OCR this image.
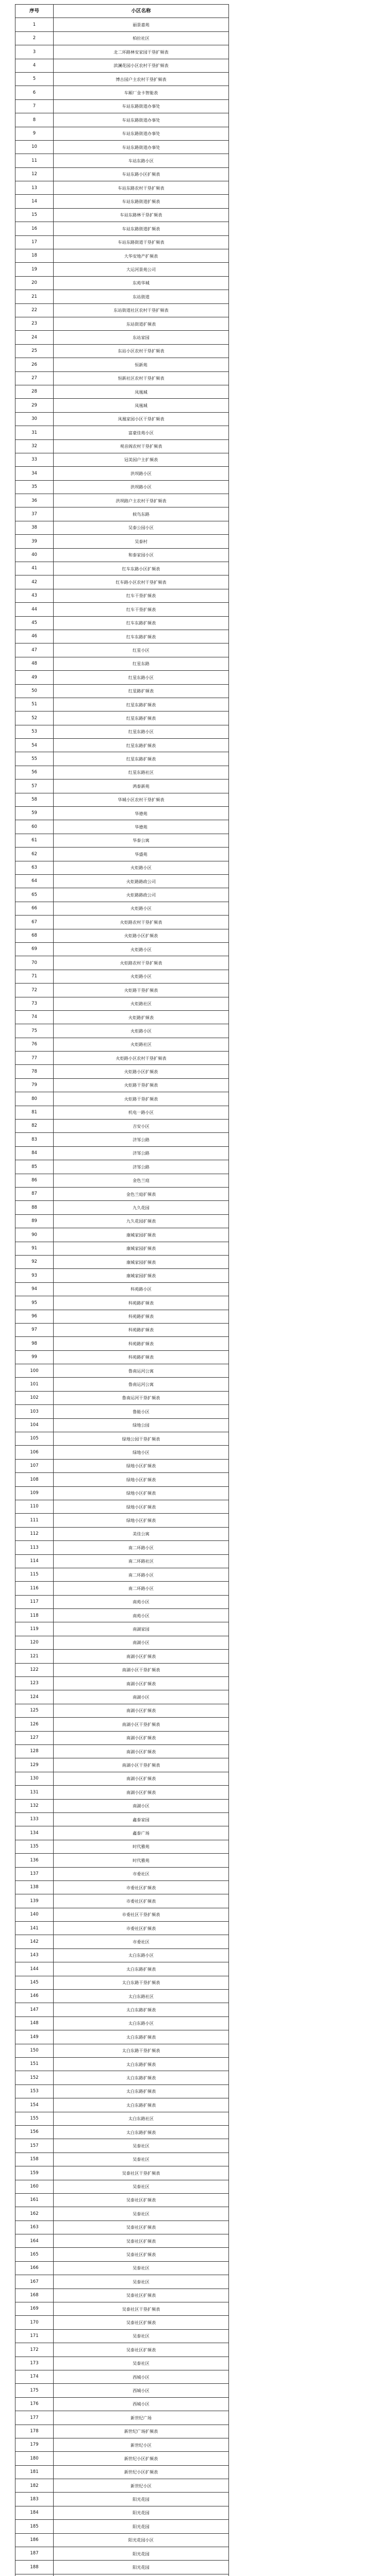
序号	小区名称
1	丽景嘉苑
2	柏拉社区
3	北二环路林安家园干垦扩频表
4	滨澜花园小区农村干垦扩频表
5	博古园户主农村干垦扩频表
6	车厢厂金卡智能表
7	车站东路街道办事处
8	车站东路街道办事处
9	车站东路街道办事处
10	车站东路街道办事处
11	车站东路小区
12	车站东路小区扩频表
13	车站东路农村干垦扩频表
14	车站东路街道扩频表
15	车站东路林干垦扩频表
16	车站东路街道扩频表
17	车站东路街道干垦扩频表
18	大华安地产扩频表
19	大运河景苑公司
20	东苑华城
21	东站街道
22	东站街道社区农村干垦扩频表
23	东站街道扩频表
24	东站家园
25	东站小区农村干垦扩频表
26	恒新苑
27	恒新社区农村干垦扩频表
28	凤凰城
29	凤凰城
30	凤凰家园小区干垦扩频表
31	富豪佳苑小区
32	观音阁农村干垦扩频表
33	冠美园户主扩频表
34	洪坝路小区
35	洪坝路小区
36	洪坝路户主农村干垦扩频表
37	候鸟东路
38	吴泰公园小区
39	吴泰村
40	和泰家园小区
41	红车东路小区扩频表
42	红车路小区农村干垦扩频表
43	红车干垦扩频表
44	红车干垦扩频表
45	红车东路扩频表
46	红车东路扩频表
47	红星小区
48	红星东路
49	红星东路小区
50	红星路扩频表
51	红星东路扩频表
52	红星东路扩频表
53	红星东路小区
54	红星东路扩频表
55	红星东路扩频表
56	红星东路社区
57	鸿泰新苑
58	华城小区农村干垦扩频表
59	华德苑
60	华德苑
61	华泰公寓
62	华盛苑
63	火炬路小区
64	火炬路路政公司
65	火炬路路政公司
66	火炬路小区
67	火炬路农村干垦扩频表
68	火炬路小区扩频表
69	火炬路小区
70	火炬路农村干垦扩频表
71	火炬路小区
72	火炬路干垦扩频表
73	火炬路社区
74	火炬路扩频表
75	火炬路小区
76	火炬路社区
77	火炬路小区农村干垦扩频表
78	火炬路小区扩频表
79	火炬路干垦扩频表
80	火炬路干垦扩频表
81	机电一路小区
82	吉安小区
83	济邹公路
84	济邹公路
85	济邹公路
86	金色兰庭
87	金色兰庭扩频表
88	九久花园
89	九久花园扩频表
90	康城家园扩频表
91	康城家园扩频表
92	康城家园扩频表
93	康城家园扩频表
94	科苑路小区
95	科苑路扩频表
96	科苑路扩频表
97	科苑路扩频表
98	科苑路扩频表
99	科苑路扩频表
100	鲁南运河公寓
101	鲁南运河公寓
102	鲁南运河干垦扩频表
103	鲁能小区
104	绿地公园
105	绿地公园干垦扩频表
106	绿地小区
107	绿地小区扩频表
108	绿地小区扩频表
109	绿地小区扩频表
110	绿地小区扩频表
111	绿地小区扩频表
112	美佳公寓
113	南二环路小区
114	南二环路社区
115	南二环路小区
116	南二环路小区
117	南苑小区
118	南苑小区
119	南湖家园
120	南湖小区
121	南湖小区扩频表
122	南湖小区干垦扩频表
123	南湖小区扩频表
124	南湖小区
125	南湖小区扩频表
126	南湖小区干垦扩频表
127	南湖小区扩频表
128	南湖小区扩频表
129	南湖小区干垦扩频表
130	南湖小区扩频表
131	南湖小区扩频表
132	南湖小区
133	鑫泰家园
134	鑫泰广场
135	时代雅苑
136	时代雅苑
137	市委社区
138	市委社区扩频表
139	市委社区扩频表
140	市委社区干垦扩频表
141	市委社区扩频表
142	市委社区
143	太白东路小区
144	太白东路扩频表
145	太白东路干垦扩频表
146	太白东路社区
147	太白东路扩频表
148	太白东路小区
149	太白东路扩频表
150	太白东路干垦扩频表
151	太白东路扩频表
152	太白东路扩频表
153	太白东路扩频表
154	太白东路扩频表
155	太白东路社区
156	太白东路扩频表
157	吴泰社区
158	吴泰社区
159	吴泰社区干垦扩频表
160	吴泰社区
161	吴泰社区扩频表
162	吴泰社区
163	吴泰社区扩频表
164	吴泰社区扩频表
165	吴泰社区扩频表
166	吴泰社区
167	吴泰社区
168	吴泰社区扩频表
169	吴泰社区干垦扩频表
170	吴泰社区扩频表
171	吴泰社区
172	吴泰社区扩频表
173	吴泰社区
174	西城小区
175	西城小区
176	西城小区
177	新世纪广场
178	新世纪广场扩频表
179	新世纪小区
180	新世纪小区扩频表
181	新世纪小区扩频表
182	新世纪小区
183	阳光花园
184	阳光花园
185	阳光花园
186	阳光花园小区
187	阳光花园
188	阳光花园
